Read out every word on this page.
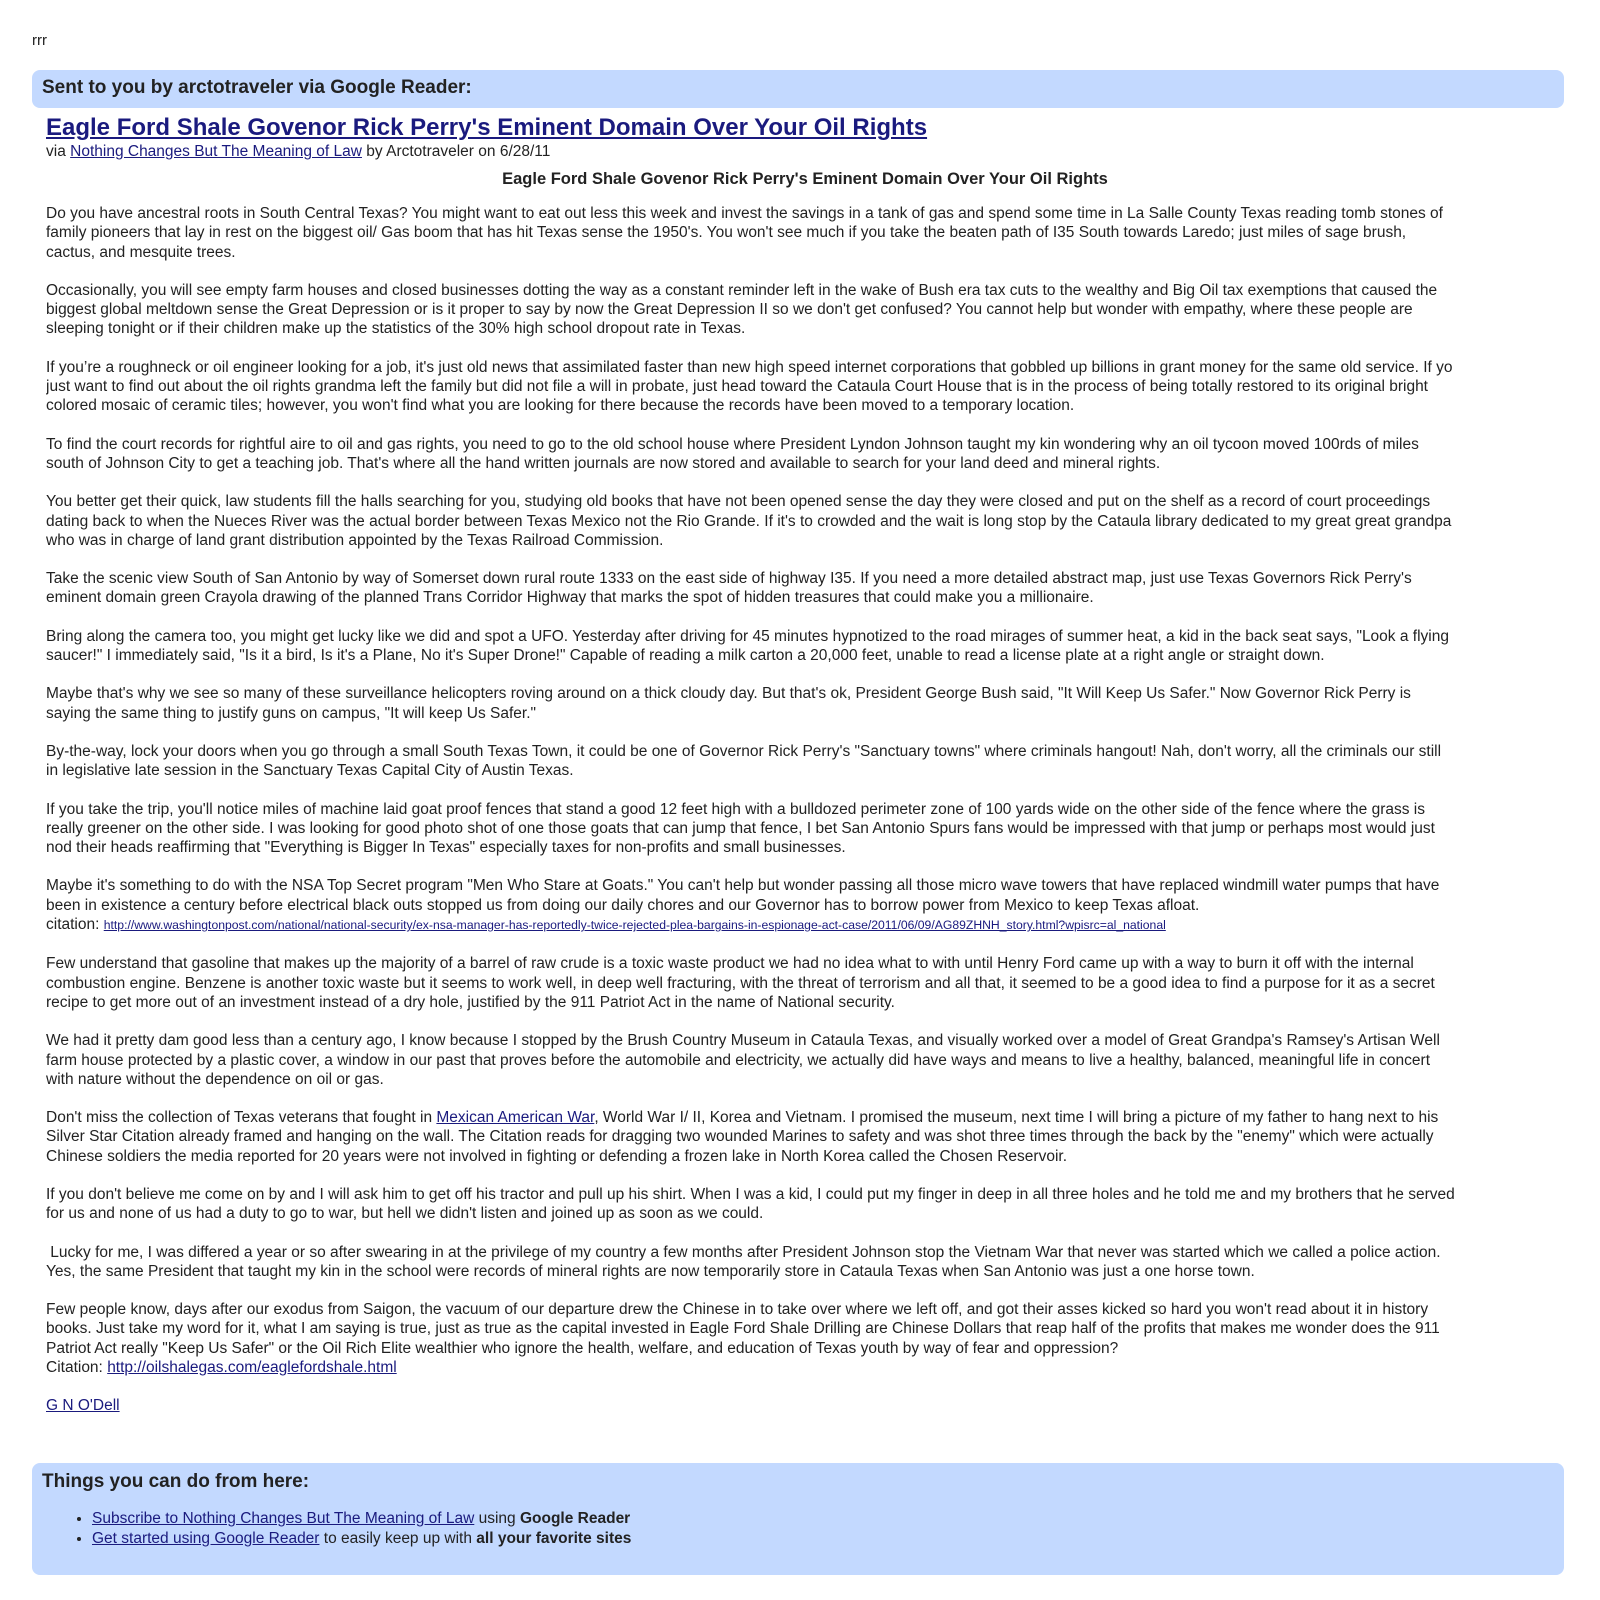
rrr
Sent to you by arctotraveler via Google Reader:
Eagle Ford Shale Govenor Rick Perry's Eminent Domain Over Your Oil Rights
via Nothing Changes But The Meaning of Law by Arctotraveler on 6/28/11
Eagle Ford Shale Govenor Rick Perry's Eminent Domain Over Your Oil Rights

Do you have ancestral roots in South Central Texas? You might want to eat out less this week and invest the savings in a tank of gas and spend some time in La Salle County Texas reading tomb stones of
family pioneers that lay in rest on the biggest oil/ Gas boom that has hit Texas sense the 1950's. You won't see much if you take the beaten path of I35 South towards Laredo; just miles of sage brush,
cactus, and mesquite trees.

Occasionally, you will see empty farm houses and closed businesses dotting the way as a constant reminder left in the wake of Bush era tax cuts to the wealthy and Big Oil tax exemptions that caused the
biggest global meltdown sense the Great Depression or is it proper to say by now the Great Depression II so we don't get confused? You cannot help but wonder with empathy, where these people are
sleeping tonight or if their children make up the statistics of the 30% high school dropout rate in Texas.

If you’re a roughneck or oil engineer looking for a job, it's just old news that assimilated faster than new high speed internet corporations that gobbled up billions in grant money for the same old service. If yo
just want to find out about the oil rights grandma left the family but did not file a will in probate, just head toward the Cataula Court House that is in the process of being totally restored to its original bright
colored mosaic of ceramic tiles; however, you won't find what you are looking for there because the records have been moved to a temporary location.

To find the court records for rightful aire to oil and gas rights, you need to go to the old school house where President Lyndon Johnson taught my kin wondering why an oil tycoon moved 100rds of miles
south of Johnson City to get a teaching job. That's where all the hand written journals are now stored and available to search for your land deed and mineral rights.

You better get their quick, law students fill the halls searching for you, studying old books that have not been opened sense the day they were closed and put on the shelf as a record of court proceedings
dating back to when the Nueces River was the actual border between Texas Mexico not the Rio Grande. If it's to crowded and the wait is long stop by the Cataula library dedicated to my great great grandpa
who was in charge of land grant distribution appointed by the Texas Railroad Commission.

Take the scenic view South of San Antonio by way of Somerset down rural route 1333 on the east side of highway I35. If you need a more detailed abstract map, just use Texas Governors Rick Perry's
eminent domain green Crayola drawing of the planned Trans Corridor Highway that marks the spot of hidden treasures that could make you a millionaire.

Bring along the camera too, you might get lucky like we did and spot a UFO. Yesterday after driving for 45 minutes hypnotized to the road mirages of summer heat, a kid in the back seat says, "Look a flying
saucer!" I immediately said, "Is it a bird, Is it's a Plane, No it's Super Drone!" Capable of reading a milk carton a 20,000 feet, unable to read a license plate at a right angle or straight down.

Maybe that's why we see so many of these surveillance helicopters roving around on a thick cloudy day. But that's ok, President George Bush said, "It Will Keep Us Safer." Now Governor Rick Perry is
saying the same thing to justify guns on campus, "It will keep Us Safer."

By-the-way, lock your doors when you go through a small South Texas Town, it could be one of Governor Rick Perry's "Sanctuary towns" where criminals hangout! Nah, don't worry, all the criminals our still
in legislative late session in the Sanctuary Texas Capital City of Austin Texas.

If you take the trip, you'll notice miles of machine laid goat proof fences that stand a good 12 feet high with a bulldozed perimeter zone of 100 yards wide on the other side of the fence where the grass is
really greener on the other side. I was looking for good photo shot of one those goats that can jump that fence, I bet San Antonio Spurs fans would be impressed with that jump or perhaps most would just
nod their heads reaffirming that "Everything is Bigger In Texas" especially taxes for non-profits and small businesses.

Maybe it's something to do with the NSA Top Secret program "Men Who Stare at Goats." You can't help but wonder passing all those micro wave towers that have replaced windmill water pumps that have
been in existence a century before electrical black outs stopped us from doing our daily chores and our Governor has to borrow power from Mexico to keep Texas afloat.
citation: http://www.washingtonpost.com/national/national-security/ex-nsa-manager-has-reportedly-twice-rejected-plea-bargains-in-espionage-act-case/2011/06/09/AG89ZHNH_story.html?wpisrc=al_national

Few understand that gasoline that makes up the majority of a barrel of raw crude is a toxic waste product we had no idea what to with until Henry Ford came up with a way to burn it off with the internal
combustion engine. Benzene is another toxic waste but it seems to work well, in deep well fracturing, with the threat of terrorism and all that, it seemed to be a good idea to find a purpose for it as a secret
recipe to get more out of an investment instead of a dry hole, justified by the 911 Patriot Act in the name of National security.

We had it pretty dam good less than a century ago, I know because I stopped by the Brush Country Museum in Cataula Texas, and visually worked over a model of Great Grandpa's Ramsey's Artisan Well
farm house protected by a plastic cover, a window in our past that proves before the automobile and electricity, we actually did have ways and means to live a healthy, balanced, meaningful life in concert
with nature without the dependence on oil or gas.

Don't miss the collection of Texas veterans that fought in Mexican American War, World War I/ II, Korea and Vietnam. I promised the museum, next time I will bring a picture of my father to hang next to his
Silver Star Citation already framed and hanging on the wall. The Citation reads for dragging two wounded Marines to safety and was shot three times through the back by the "enemy" which were actually
Chinese soldiers the media reported for 20 years were not involved in fighting or defending a frozen lake in North Korea called the Chosen Reservoir.

If you don't believe me come on by and I will ask him to get off his tractor and pull up his shirt. When I was a kid, I could put my finger in deep in all three holes and he told me and my brothers that he served
for us and none of us had a duty to go to war, but hell we didn't listen and joined up as soon as we could.

Lucky for me, I was differed a year or so after swearing in at the privilege of my country a few months after President Johnson stop the Vietnam War that never was started which we called a police action.
Yes, the same President that taught my kin in the school were records of mineral rights are now temporarily store in Cataula Texas when San Antonio was just a one horse town.

Few people know, days after our exodus from Saigon, the vacuum of our departure drew the Chinese in to take over where we left off, and got their asses kicked so hard you won't read about it in history
books. Just take my word for it, what I am saying is true, just as true as the capital invested in Eagle Ford Shale Drilling are Chinese Dollars that reap half of the profits that makes me wonder does the 911
Patriot Act really "Keep Us Safer" or the Oil Rich Elite wealthier who ignore the health, welfare, and education of Texas youth by way of fear and oppression?
Citation: http://oilshalegas.com/eaglefordshale.html

G N O'Dell

Things you can do from here:
• Subscribe to Nothing Changes But The Meaning of Law using Google Reader
• Get started using Google Reader to easily keep up with all your favorite sites
